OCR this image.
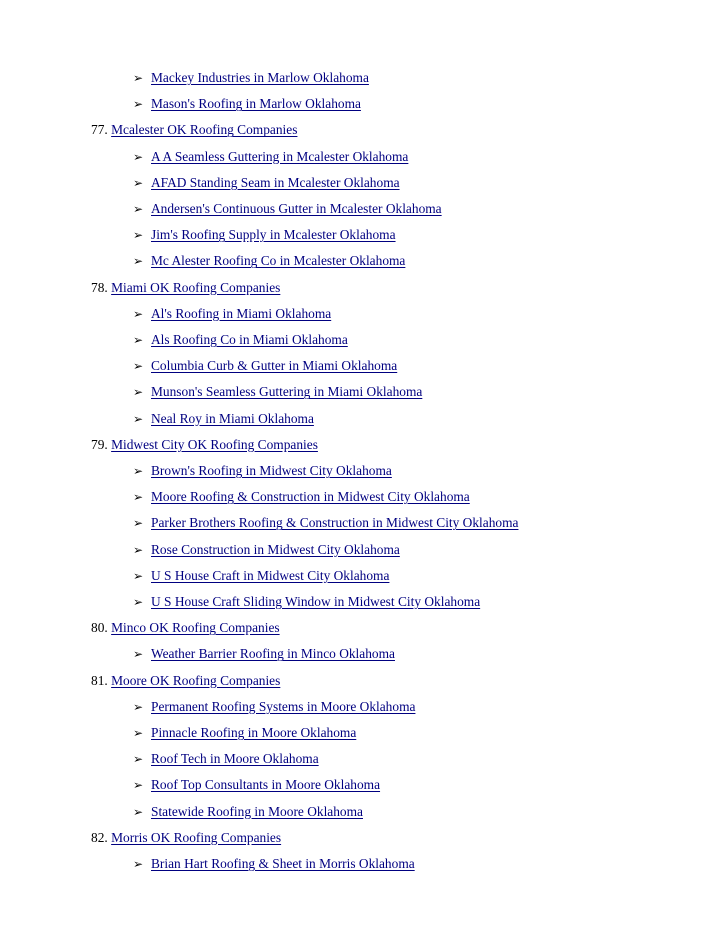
➢ Mackey Industries in Marlow Oklahoma
➢ Mason's Roofing in Marlow Oklahoma
77. Mcalester OK Roofing Companies
➢ A A Seamless Guttering in Mcalester Oklahoma
➢ AFAD Standing Seam in Mcalester Oklahoma
➢ Andersen's Continuous Gutter in Mcalester Oklahoma
➢ Jim's Roofing Supply in Mcalester Oklahoma
➢ Mc Alester Roofing Co in Mcalester Oklahoma
78. Miami OK Roofing Companies
➢ Al's Roofing in Miami Oklahoma
➢ Als Roofing Co in Miami Oklahoma
➢ Columbia Curb & Gutter in Miami Oklahoma
➢ Munson's Seamless Guttering in Miami Oklahoma
➢ Neal Roy in Miami Oklahoma
79. Midwest City OK Roofing Companies
➢ Brown's Roofing in Midwest City Oklahoma
➢ Moore Roofing & Construction in Midwest City Oklahoma
➢ Parker Brothers Roofing & Construction in Midwest City Oklahoma
➢ Rose Construction in Midwest City Oklahoma
➢ U S House Craft in Midwest City Oklahoma
➢ U S House Craft Sliding Window in Midwest City Oklahoma
80. Minco OK Roofing Companies
➢ Weather Barrier Roofing in Minco Oklahoma
81. Moore OK Roofing Companies
➢ Permanent Roofing Systems in Moore Oklahoma
➢ Pinnacle Roofing in Moore Oklahoma
➢ Roof Tech in Moore Oklahoma
➢ Roof Top Consultants in Moore Oklahoma
➢ Statewide Roofing in Moore Oklahoma
82. Morris OK Roofing Companies
➢ Brian Hart Roofing & Sheet in Morris Oklahoma
